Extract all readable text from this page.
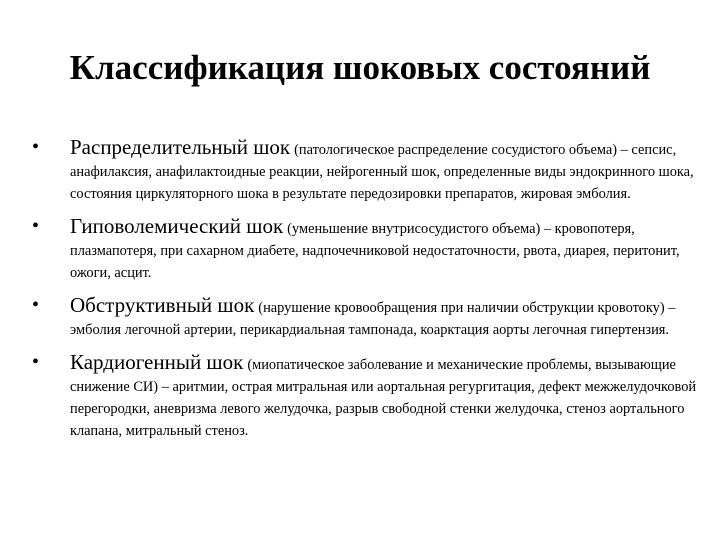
Классификация шоковых состояний
• Распределительный шок (патологическое распределение сосудистого объема) – сепсис, анафилаксия, анафилактоидные реакции, нейрогенный шок, определенные виды эндокринного шока, состояния циркуляторного шока в результате передозировки препаратов, жировая эмболия.
• Гиповолемический шок (уменьшение внутрисосудистого объема) – кровопотеря, плазмапотеря, при сахарном диабете, надпочечниковой недостаточности, рвота, диарея, перитонит, ожоги, асцит.
• Обструктивный шок (нарушение кровообращения при наличии обструкции кровотоку) – эмболия легочной артерии, перикардиальная тампонада, коарктация аорты легочная гипертензия.
• Кардиогенный шок (миопатическое заболевание и механические проблемы, вызывающие снижение СИ) – аритмии, острая митральная или аортальная регургитация, дефект межжелудочковой перегородки, аневризма левого желудочка, разрыв свободной стенки желудочка, стеноз аортального клапана, митральный стеноз.
